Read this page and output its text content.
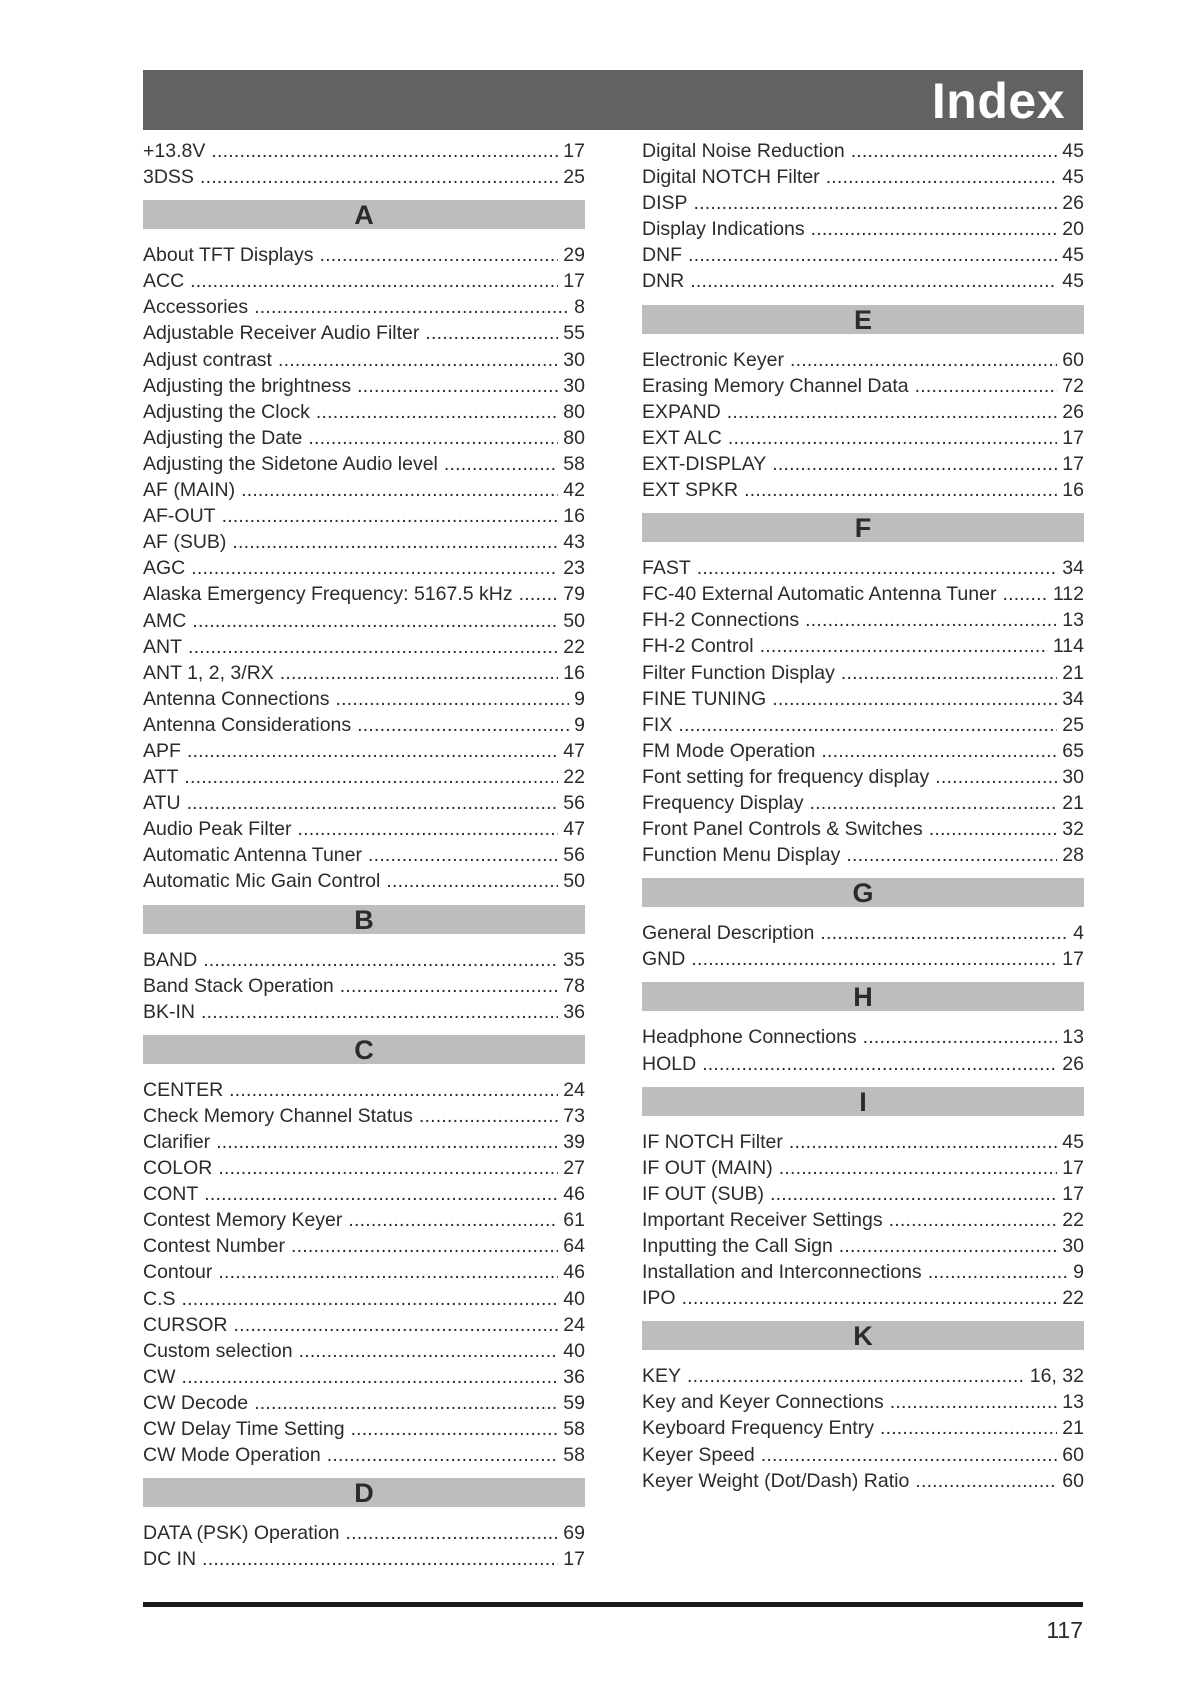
Index
+13.8V .....	17
3DSS .....	25
A
About TFT Displays .....	29
ACC .....	17
Accessories .....	8
Adjustable Receiver Audio Filter .....	55
Adjust contrast .....	30
Adjusting the brightness .....	30
Adjusting the Clock .....	80
Adjusting the Date .....	80
Adjusting the Sidetone Audio level .....	58
AF (MAIN) .....	42
AF-OUT .....	16
AF (SUB) .....	43
AGC .....	23
Alaska Emergency Frequency: 5167.5 kHz .....	79
AMC .....	50
ANT .....	22
ANT 1, 2, 3/RX .....	16
Antenna Connections .....	9
Antenna Considerations .....	9
APF .....	47
ATT .....	22
ATU .....	56
Audio Peak Filter .....	47
Automatic Antenna Tuner .....	56
Automatic Mic Gain Control .....	50
B
BAND .....	35
Band Stack Operation .....	78
BK-IN .....	36
C
CENTER .....	24
Check Memory Channel Status .....	73
Clarifier .....	39
COLOR .....	27
CONT .....	46
Contest Memory Keyer .....	61
Contest Number .....	64
Contour .....	46
C.S .....	40
CURSOR .....	24
Custom selection .....	40
CW .....	36
CW Decode .....	59
CW Delay Time Setting .....	58
CW Mode Operation .....	58
D
DATA (PSK) Operation .....	69
DC IN .....	17
Digital Noise Reduction .....	45
Digital NOTCH Filter .....	45
DISP .....	26
Display Indications .....	20
DNF .....	45
DNR .....	45
E
Electronic Keyer .....	60
Erasing Memory Channel Data .....	72
EXPAND .....	26
EXT ALC .....	17
EXT-DISPLAY .....	17
EXT SPKR .....	16
F
FAST .....	34
FC-40 External Automatic Antenna Tuner .....	112
FH-2 Connections .....	13
FH-2 Control .....	114
Filter Function Display .....	21
FINE TUNING .....	34
FIX .....	25
FM Mode Operation .....	65
Font setting for frequency display .....	30
Frequency Display .....	21
Front Panel Controls & Switches .....	32
Function Menu Display .....	28
G
General Description .....	4
GND .....	17
H
Headphone Connections .....	13
HOLD .....	26
I
IF NOTCH Filter .....	45
IF OUT (MAIN) .....	17
IF OUT (SUB) .....	17
Important Receiver Settings .....	22
Inputting the Call Sign .....	30
Installation and Interconnections .....	9
IPO .....	22
K
KEY .....	16, 32
Key and Keyer Connections .....	13
Keyboard Frequency Entry .....	21
Keyer Speed .....	60
Keyer Weight (Dot/Dash) Ratio .....	60
117
